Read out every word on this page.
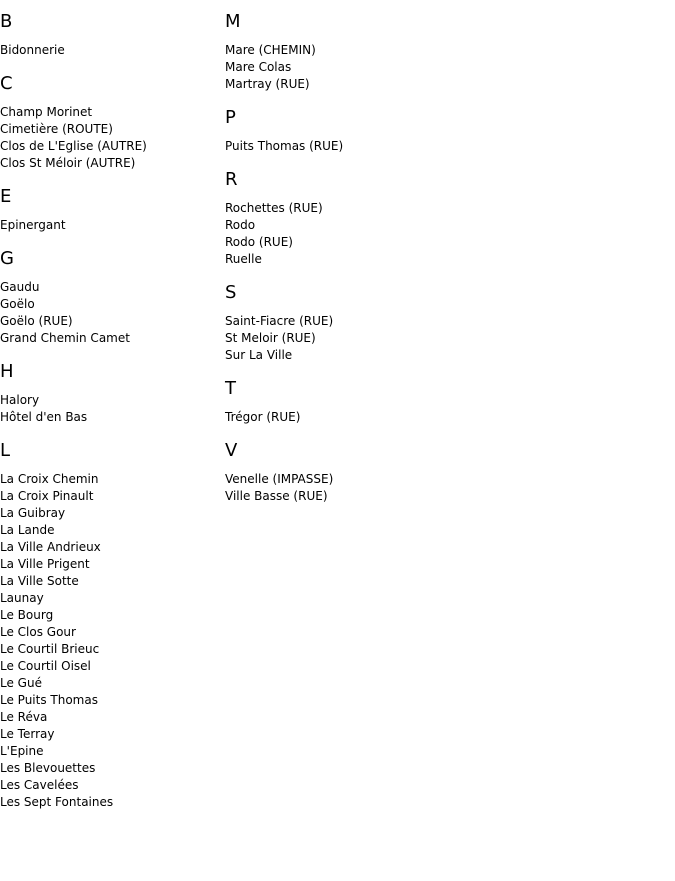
B
Bidonnerie
C
Champ Morinet
Cimetière (ROUTE)
Clos de L'Eglise (AUTRE)
Clos St Méloir (AUTRE)
E
Epinergant
G
Gaudu
Goëlo
Goëlo (RUE)
Grand Chemin Camet
H
Halory
Hôtel d'en Bas
L
La Croix Chemin
La Croix Pinault
La Guibray
La Lande
La Ville Andrieux
La Ville Prigent
La Ville Sotte
Launay
Le Bourg
Le Clos Gour
Le Courtil Brieuc
Le Courtil Oisel
Le Gué
Le Puits Thomas
Le Réva
Le Terray
L'Epine
Les Blevouettes
Les Cavelées
Les Sept Fontaines
M
Mare (CHEMIN)
Mare Colas
Martray (RUE)
P
Puits Thomas (RUE)
R
Rochettes (RUE)
Rodo
Rodo (RUE)
Ruelle
S
Saint-Fiacre (RUE)
St Meloir (RUE)
Sur La Ville
T
Trégor (RUE)
V
Venelle (IMPASSE)
Ville Basse (RUE)
